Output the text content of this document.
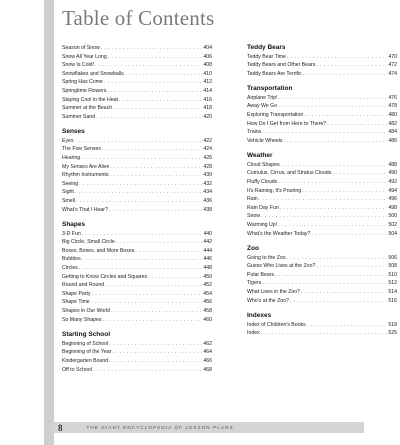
Table of Contents
Season of Snow . . .	404
Snow All Year Long . . .	406
Snow Is Cold! . . .	408
Snowflakes and Snowballs . . .	410
Spring Has Come . . .	412
Springtime Flowers . . .	414
Staying Cool in the Heat . . .	416
Summer at the Beach . . .	418
Summer Sand . . .	420
Senses
Eyes . . .	422
The Five Senses . . .	424
Hearing . . .	426
My Senses Are Alive . . .	428
Rhythm Instruments . . .	430
Seeing . . .	432
Sight . . .	434
Smell . . .	436
What's That I Hear? . . .	438
Shapes
3-D Fun . . .	440
Big Circle, Small Circle . . .	442
Boxes, Boxes, and More Boxes . . .	444
Bubbles . . .	446
Circles . . .	448
Getting to Know Circles and Squares . . .	450
Round and Round . . .	452
Shape Party . . .	454
Shape Time . . .	456
Shapes in Our World . . .	458
So Many Shapes . . .	460
Starting School
Beginning of School . . .	462
Beginning of the Year . . .	464
Kindergarten Bound . . .	466
Off to School . . .	468
Teddy Bears
Teddy Bear Time . . .	470
Teddy Bears and Other Bears . . .	472
Teddy Bears Are Terrific . . .	474
Transportation
Airplane Trip! . . .	476
Away We Go . . .	478
Exploring Transportation . . .	480
How Do I Get from Here to There? . . .	482
Trains . . .	484
Vehicle Wheels . . .	486
Weather
Cloud Shapes . . .	488
Cumulus, Cirrus, and Stratus Clouds . . .	490
Fluffy Clouds . . .	492
It's Raining, It's Pouring . . .	494
Rain . . .	496
Rain Day Fun . . .	498
Snow . . .	500
Warming Up! . . .	502
What's the Weather Today? . . .	504
Zoo
Going to the Zoo . . .	506
Guess Who Lives at the Zoo? . . .	508
Polar Bears . . .	510
Tigers . . .	512
What Lives in the Zoo? . . .	514
Who's at the Zoo? . . .	516
Indexes
Index of Children's Books . . .	518
Index . . .	525
8	THE GIANT ENCYCLOPEDIA OF LESSON PLANS
